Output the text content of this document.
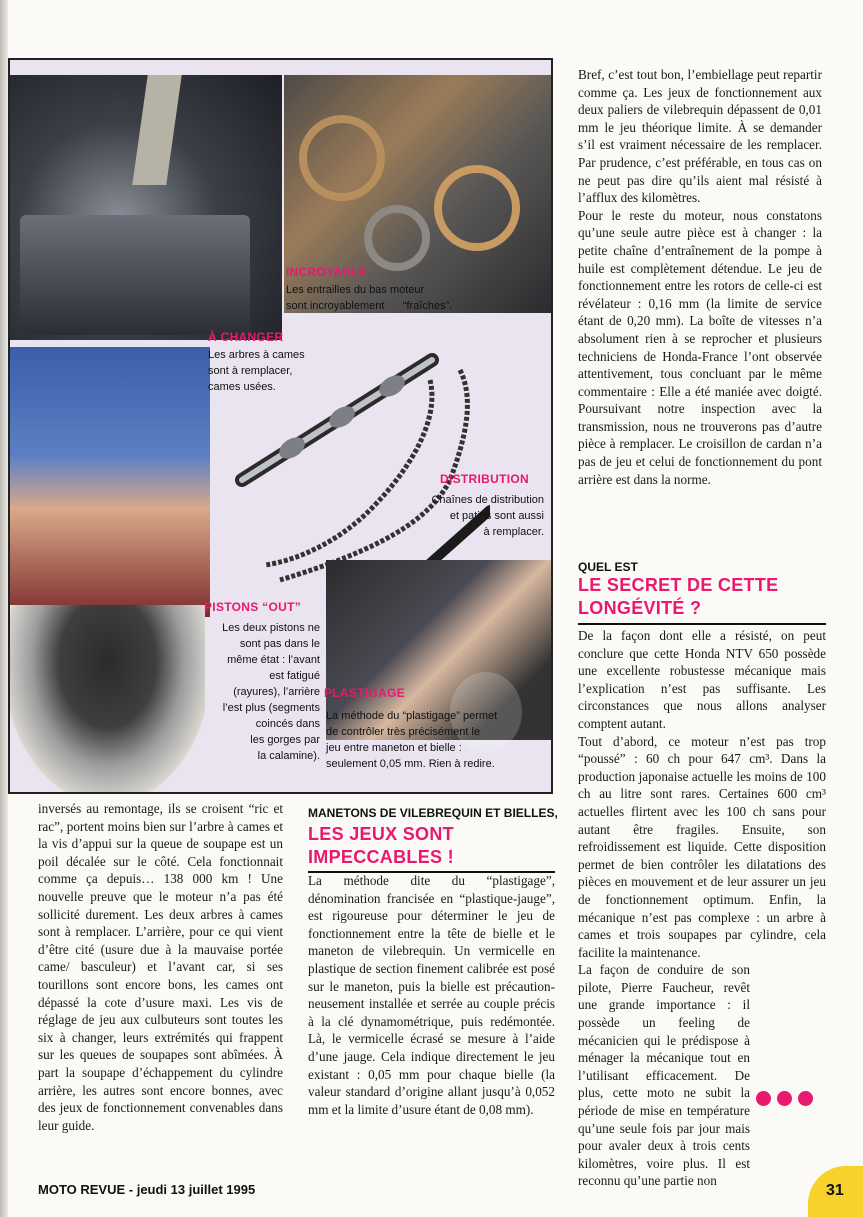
INCROYABLE
Les entrailles du bas moteur
sont incroyablement      “fraîches”.
À CHANGER
Les arbres à cames
sont à remplacer,
cames usées.
DISTRIBUTION
Chaînes de distribution
et patins sont aussi
à remplacer.
PISTONS “OUT”
Les deux pistons ne
sont pas dans le
même état : l’avant
est fatigué
(rayures), l’arrière
l’est plus (segments
coincés dans
les gorges par
la calamine).
PLASTIGAGE
La méthode du “plastigage” permet
de contrôler très précisément le
jeu entre maneton et bielle :
seulement 0,05 mm. Rien à redire.

inversés au remontage, ils se croisent “ric et rac”, portent moins bien sur l’arbre à cames et la vis d’appui sur la queue de soupape est un poil décalée sur le côté. Cela fonctionnait comme ça depuis… 138 000 km ! Une nouvelle preuve que le moteur n’a pas été sollicité durement. Les deux arbres à cames sont à remplacer. L’arrière, pour ce qui vient d’être cité (usure due à la mauvaise portée came/ basculeur) et l’avant car, si ses tourillons sont encore bons, les cames ont dépassé la cote d’usure maxi. Les vis de réglage de jeu aux culbuteurs sont toutes les six à changer, leurs extrémités qui frappent sur les queues de soupapes sont abîmées. À part la soupape d’échappement du cylindre arrière, les autres sont encore bonnes, avec des jeux de fonctionnement convenables dans leur guide.

MANETONS DE VILEBREQUIN ET BIELLES,
LES JEUX SONT
IMPECCABLES !

La méthode dite du “plastigage”, dénomination francisée en “plastique-jauge”, est rigoureuse pour déterminer le jeu de fonctionnement entre la tête de bielle et le maneton de vilebrequin. Un vermicelle en plastique de section finement calibrée est posé sur le maneton, puis la bielle est précaution-neusement installée et serrée au couple précis à la clé dynamométrique, puis redémontée. Là, le vermicelle écrasé se mesure à l’aide d’une jauge. Cela indique directement le jeu existant : 0,05 mm pour chaque bielle (la valeur standard d’origine allant jusqu’à 0,052 mm et la limite d’usure étant de 0,08 mm).

Bref, c’est tout bon, l’embiellage peut repartir comme ça. Les jeux de fonctionnement aux deux paliers de vilebrequin dépassent de 0,01 mm le jeu théorique limite. À se demander s’il est vraiment nécessaire de les remplacer. Par prudence, c’est préférable, en tous cas on ne peut pas dire qu’ils aient mal résisté à l’afflux des kilomètres.

Pour le reste du moteur, nous constatons qu’une seule autre pièce est à changer : la petite chaîne d’entraînement de la pompe à huile est complètement détendue. Le jeu de fonctionnement entre les rotors de celle-ci est révélateur : 0,16 mm (la limite de service étant de 0,20 mm). La boîte de vitesses n’a absolument rien à se reprocher et plusieurs techniciens de Honda-France l’ont observée attentivement, tous concluant par le même commentaire : Elle a été maniée avec doigté. Poursuivant notre inspection avec la transmission, nous ne trouverons pas d’autre pièce à remplacer. Le croisillon de cardan n’a pas de jeu et celui de fonctionnement du pont arrière est dans la norme.

QUEL EST
LE SECRET DE CETTE
LONGÉVITÉ ?

De la façon dont elle a résisté, on peut conclure que cette Honda NTV 650 possède une excellente robustesse mécanique mais l’explication n’est pas suffisante. Les circonstances que nous allons analyser comptent autant.

Tout d’abord, ce moteur n’est pas trop “poussé” : 60 ch pour 647 cm³. Dans la production japonaise actuelle les moins de 100 ch au litre sont rares. Certaines 600 cm³ actuelles flirtent avec les 100 ch sans pour autant être fragiles. Ensuite, son refroidissement est liquide. Cette disposition permet de bien contrôler les dilatations des pièces en mouvement et de leur assurer un jeu de fonctionnement optimum. Enfin, la mécanique n’est pas complexe : un arbre à cames et trois soupapes par cylindre, cela facilite la maintenance.

La façon de conduire de son pilote, Pierre Faucheur, revêt une grande importance : il possède un feeling de mécanicien qui le prédispose à ménager la mécanique tout en l’utilisant efficacement. De plus, cette moto ne subit la période de mise en température qu’une seule fois par jour mais pour avaler deux à trois cents kilomètres, voire plus. Il est reconnu qu’une partie non

MOTO REVUE - jeudi 13 juillet 1995	31
